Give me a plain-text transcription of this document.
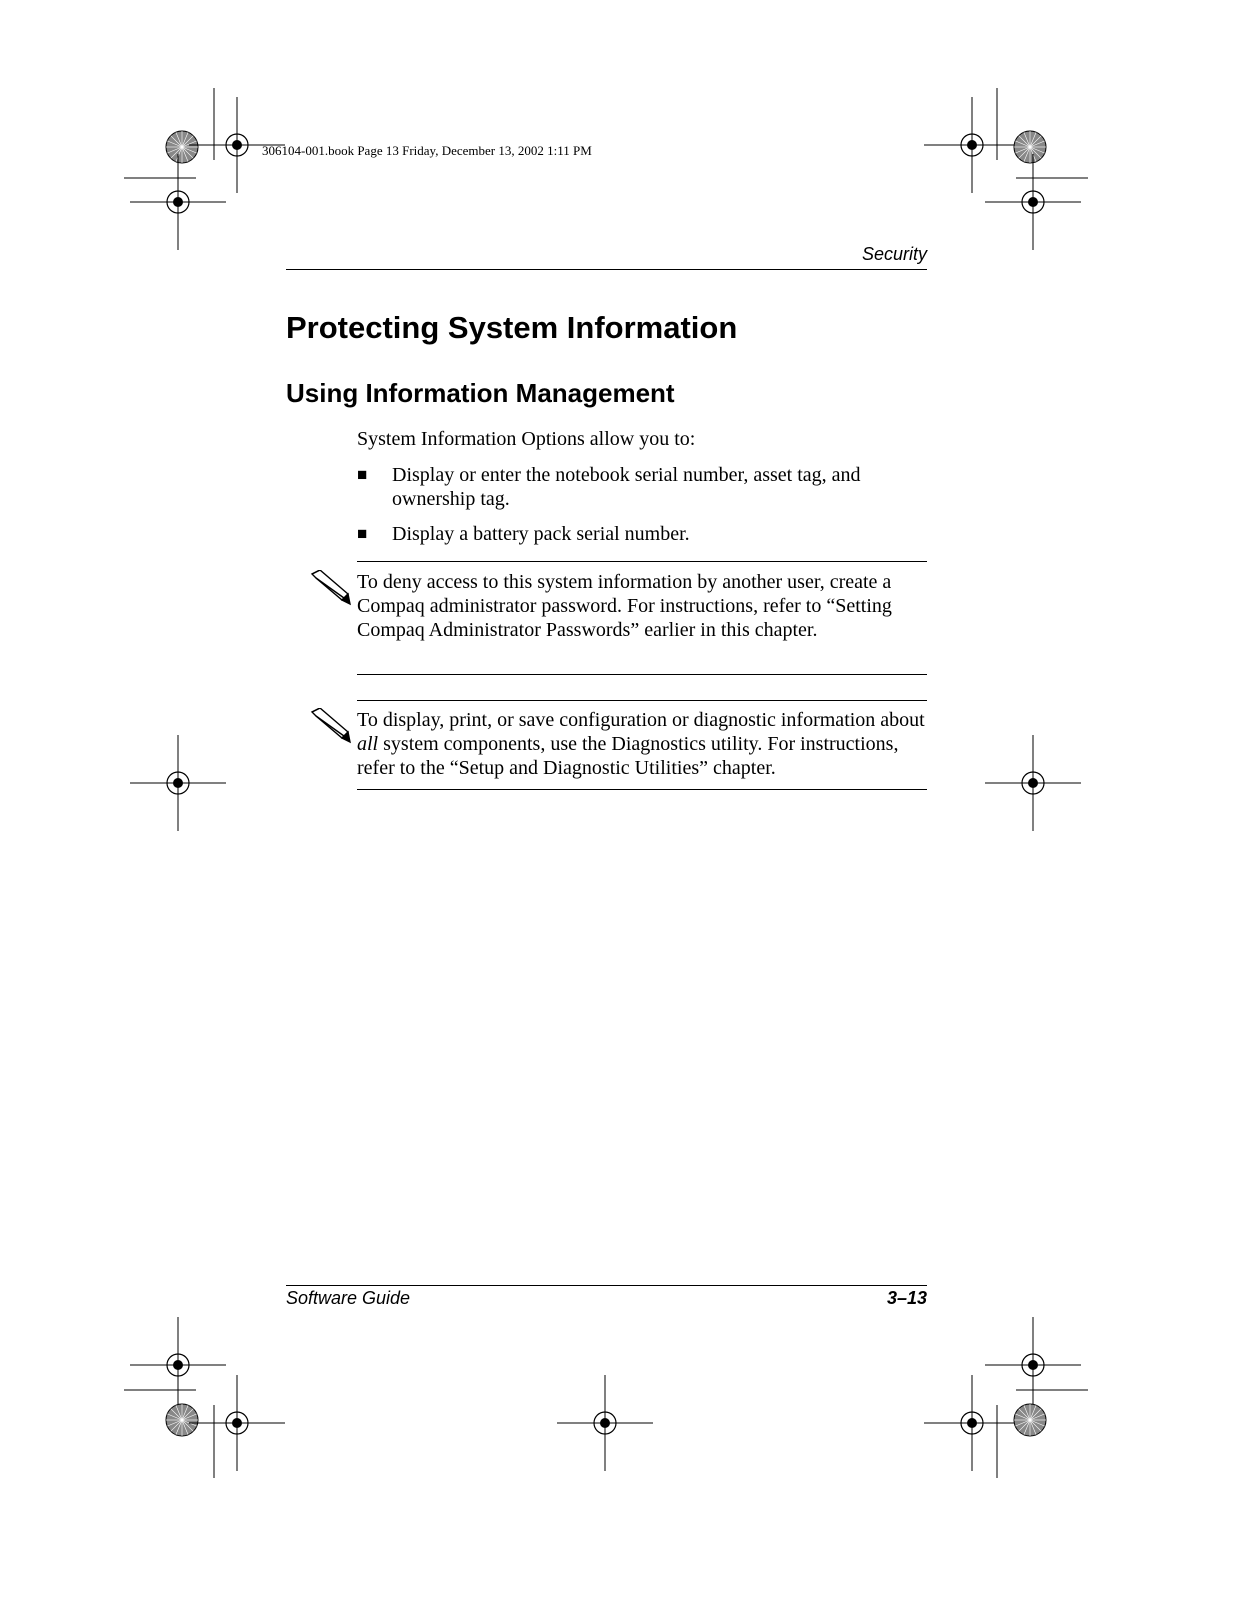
306104-001.book Page 13 Friday, December 13, 2002 1:11 PM
Security
Protecting System Information
Using Information Management
System Information Options allow you to:
■ Display or enter the notebook serial number, asset tag, and ownership tag.
■ Display a battery pack serial number.
To deny access to this system information by another user, create a Compaq administrator password. For instructions, refer to “Setting Compaq Administrator Passwords” earlier in this chapter.
To display, print, or save configuration or diagnostic information about all system components, use the Diagnostics utility. For instructions, refer to the “Setup and Diagnostic Utilities” chapter.
Software Guide	3–13
